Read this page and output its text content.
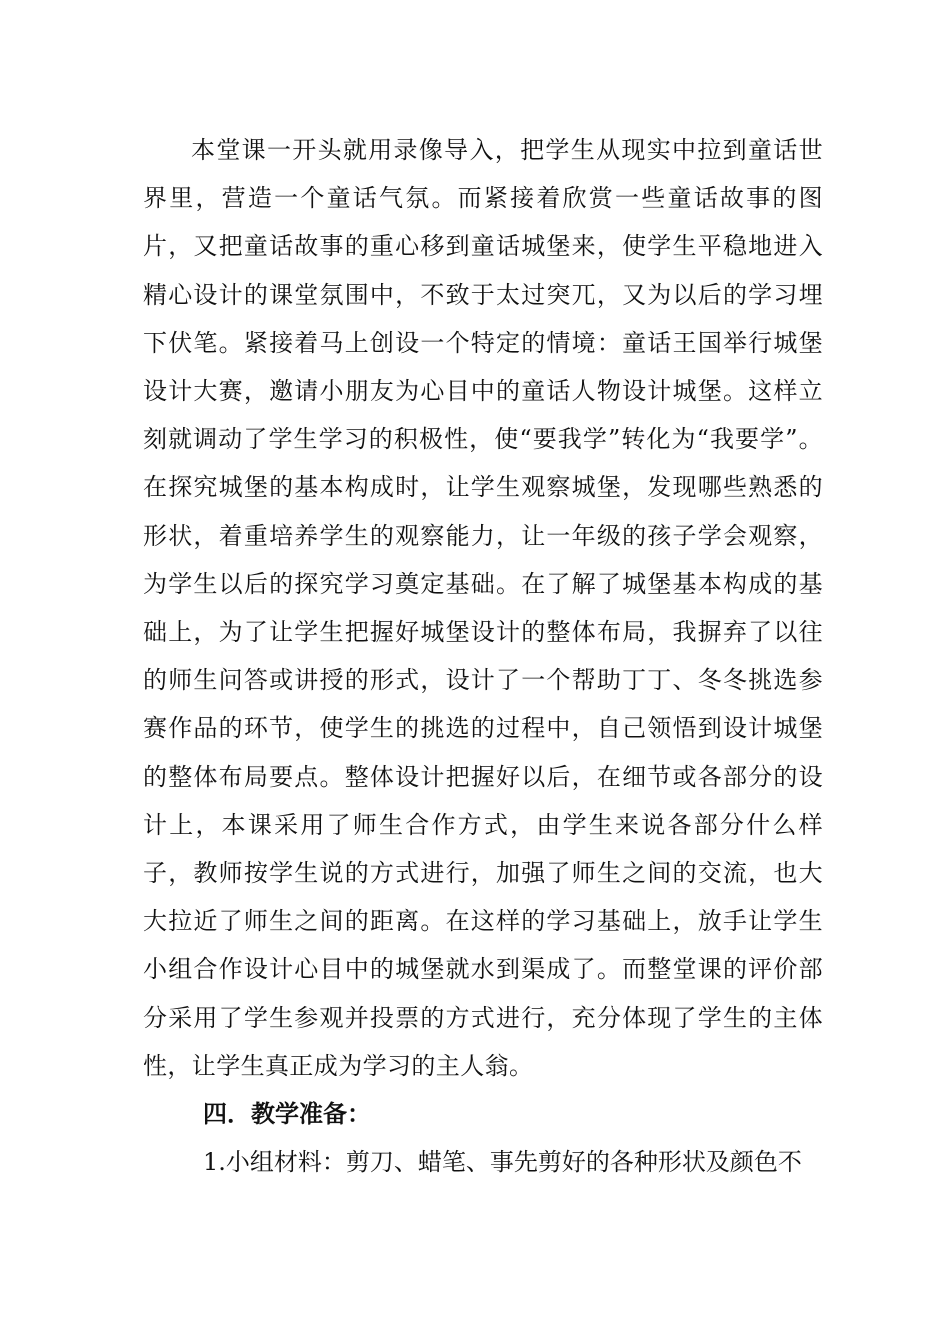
本堂课一开头就用录像导入，把学生从现实中拉到童话世界里，营造一个童话气氛。而紧接着欣赏一些童话故事的图片，又把童话故事的重心移到童话城堡来，使学生平稳地进入精心设计的课堂氛围中，不致于太过突兀，又为以后的学习埋下伏笔。紧接着马上创设一个特定的情境：童话王国举行城堡设计大赛，邀请小朋友为心目中的童话人物设计城堡。这样立刻就调动了学生学习的积极性，使“要我学”转化为“我要学”。在探究城堡的基本构成时，让学生观察城堡，发现哪些熟悉的形状，着重培养学生的观察能力，让一年级的孩子学会观察，为学生以后的探究学习奠定基础。在了解了城堡基本构成的基础上，为了让学生把握好城堡设计的整体布局，我摒弃了以往的师生问答或讲授的形式，设计了一个帮助丁丁、冬冬挑选参赛作品的环节，使学生的挑选的过程中，自己领悟到设计城堡的整体布局要点。整体设计把握好以后，在细节或各部分的设计上，本课采用了师生合作方式，由学生来说各部分什么样子，教师按学生说的方式进行，加强了师生之间的交流，也大大拉近了师生之间的距离。在这样的学习基础上，放手让学生小组合作设计心目中的城堡就水到渠成了。而整堂课的评价部分采用了学生参观并投票的方式进行，充分体现了学生的主体性，让学生真正成为学习的主人翁。

四．教学准备：

1.小组材料：剪刀、蜡笔、事先剪好的各种形状及颜色不
